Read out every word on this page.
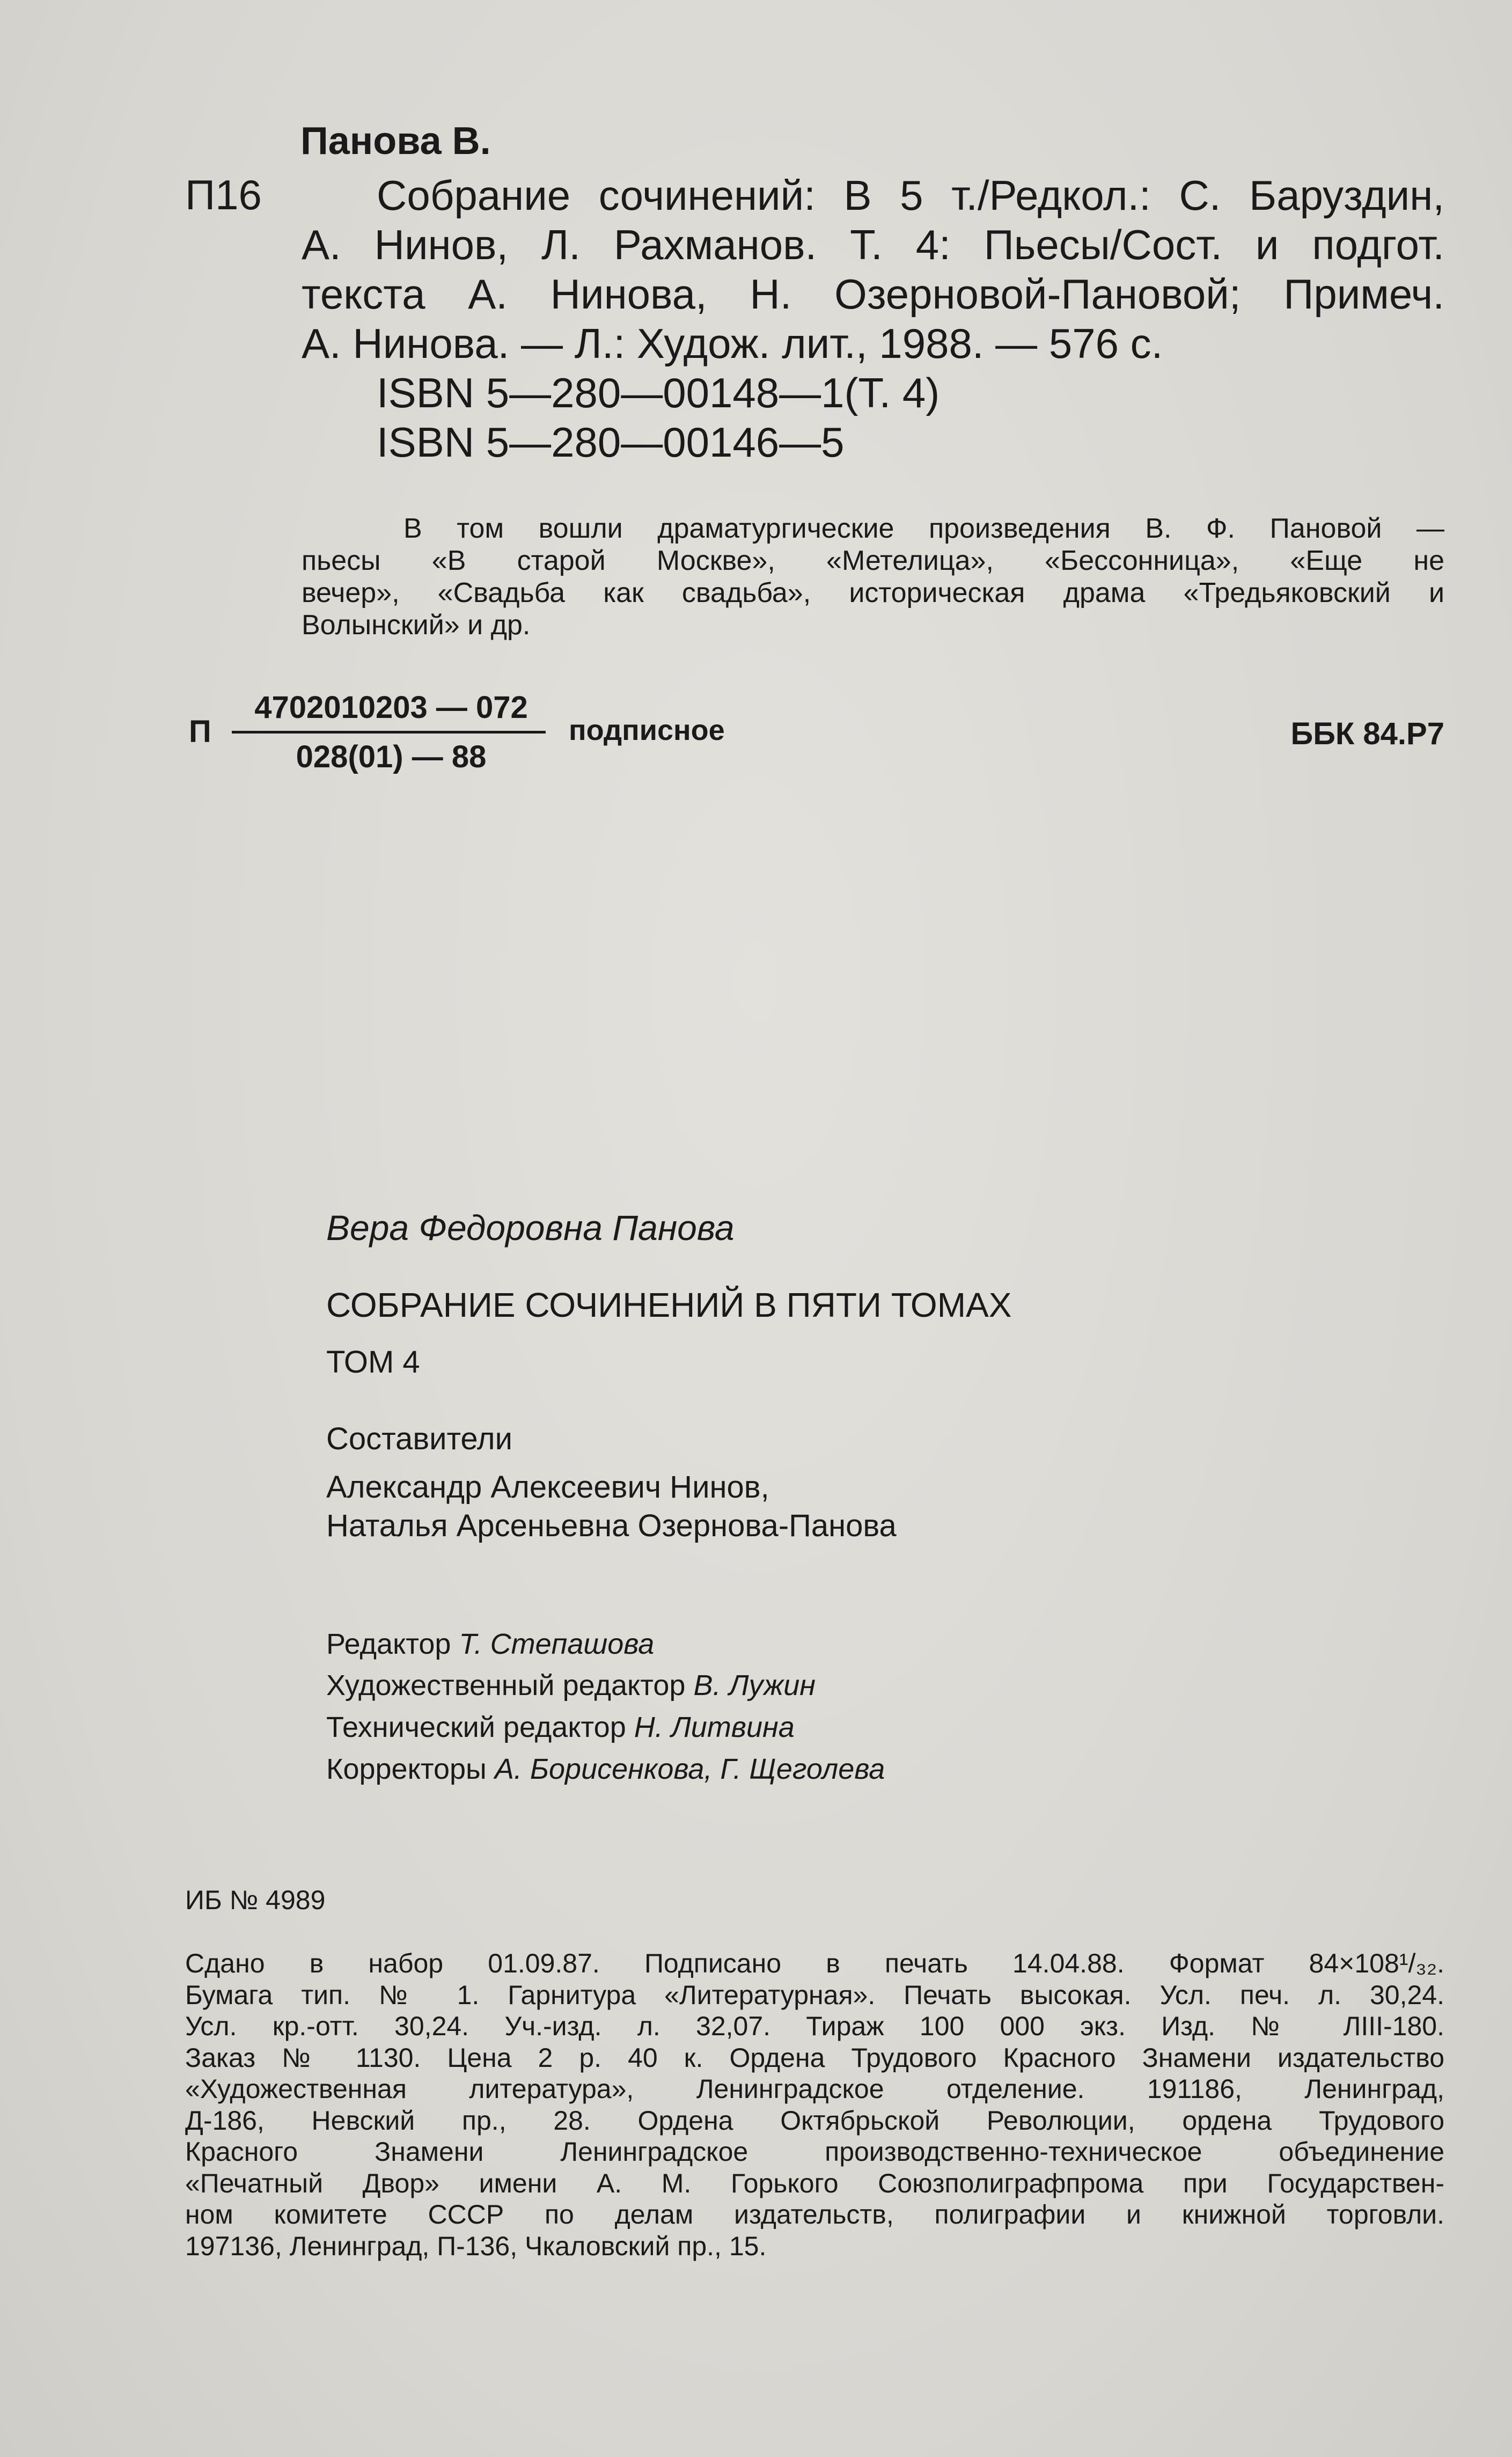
Панова В.
П16	Собрание сочинений: В 5 т./Редкол.: С. Баруздин,
А. Нинов, Л. Рахманов. Т. 4: Пьесы/Сост. и подгот.
текста А. Нинова, Н. Озерновой-Пановой; Примеч.
А. Нинова. — Л.: Худож. лит., 1988. — 576 с.
ISBN 5—280—00148—1(Т. 4)
ISBN 5—280—00146—5
В том вошли драматургические произведения В. Ф. Пановой —
пьесы «В старой Москве», «Метелица», «Бессонница», «Еще не
вечер», «Свадьба как свадьба», историческая драма «Тредьяковский и
Волынский» и др.
П
4702010203 — 072
028(01) — 88
подписное	ББК 84.Р7
Вера Федоровна Панова
СОБРАНИЕ СОЧИНЕНИЙ В ПЯТИ ТОМАХ
ТОМ 4
Составители
Александр Алексеевич Нинов,
Наталья Арсеньевна Озернова-Панова
Редактор Т. Степашова
Художественный редактор В. Лужин
Технический редактор Н. Литвина
Корректоры А. Борисенкова, Г. Щеголева
ИБ № 4989
Сдано в набор 01.09.87. Подписано в печать 14.04.88. Формат 84×108¹/₃₂.
Бумага тип. № 1. Гарнитура «Литературная». Печать высокая. Усл. печ. л. 30,24.
Усл. кр.-отт. 30,24. Уч.-изд. л. 32,07. Тираж 100 000 экз. Изд. № ЛIII-180.
Заказ № 1130. Цена 2 р. 40 к. Ордена Трудового Красного Знамени издательство
«Художественная литература», Ленинградское отделение. 191186, Ленинград,
Д-186, Невский пр., 28. Ордена Октябрьской Революции, ордена Трудового
Красного Знамени Ленинградское производственно-техническое объединение
«Печатный Двор» имени А. М. Горького Союзполиграфпрома при Государствен-
ном комитете СССР по делам издательств, полиграфии и книжной торговли.
197136, Ленинград, П-136, Чкаловский пр., 15.
